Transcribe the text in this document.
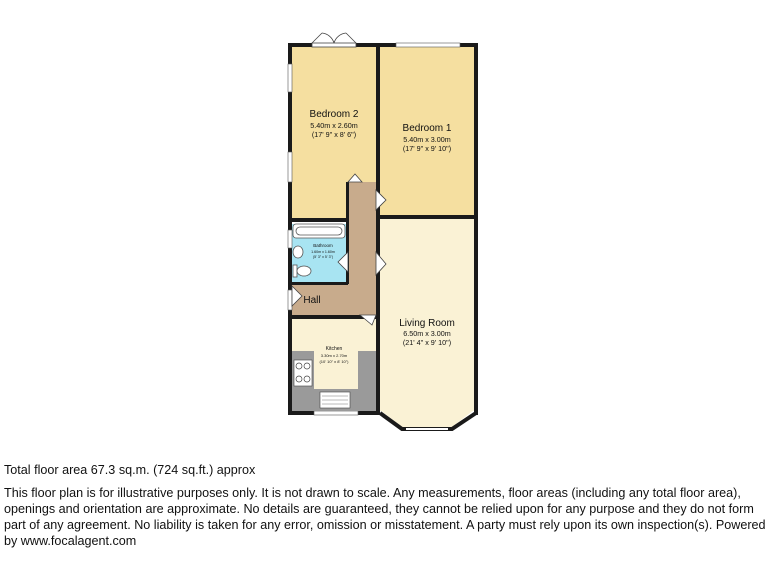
Bedroom 2
5.40m x 2.60m
(17' 9" x 8' 6")
Bedroom 1
5.40m x 3.00m
(17' 9" x 9' 10")
Bathroom
1.60m x 1.60m
(5' 3" x 5' 3")
Hall
Living Room
6.50m x 3.00m
(21' 4" x 9' 10")
Kitchen
3.30m x 2.70m
(10' 10" x 8' 10")
Total floor area 67.3 sq.m. (724 sq.ft.) approx
This floor plan is for illustrative purposes only. It is not drawn to scale. Any measurements, floor areas (including any total floor area), openings and orientation are approximate. No details are guaranteed, they cannot be relied upon for any purpose and they do not form part of any agreement. No liability is taken for any error, omission or misstatement. A party must rely upon its own inspection(s). Powered by www.focalagent.com
